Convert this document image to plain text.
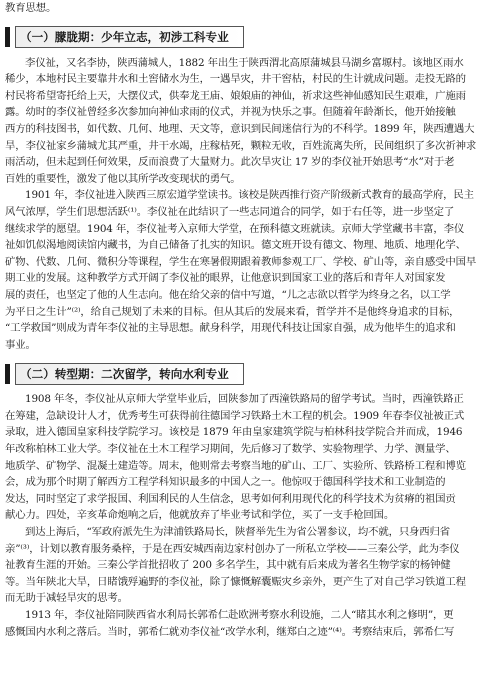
教育思想。
（一）朦胧期：少年立志，初涉工科专业
李仪祉，又名李协，陕西蒲城人，1882 年出生于陕西渭北高原蒲城县马湖乡富塬村。该地区雨水
稀少，本地村民主要靠井水和土窖储水为生，一遇旱灾，井干窖枯，村民的生计就成问题。走投无路的
村民将希望寄托给上天，大摆仪式，供奉龙王庙、娘娘庙的神仙，祈求这些神仙感知民生艰难，广施雨
露。幼时的李仪祉曾经多次参加向神仙求雨的仪式，并视为快乐之事。但随着年龄渐长，他开始接触
西方的科技图书，如代数、几何、地理、天文等，意识到民间迷信行为的不科学。1899 年，陕西遭遇大
旱，李仪祉家乡蒲城尤其严重，井干水竭，庄稼枯死，颗粒无收，百姓流离失所，民间组织了多次祈神求
雨活动，但未起到任何效果，反而浪费了大量财力。此次旱灾让 17 岁的李仪祉开始思考“水”对于老
百姓的重要性，激发了他以其所学改变现状的勇气。
1901 年，李仪祉进入陕西三原宏道学堂读书。该校是陕西推行资产阶级新式教育的最高学府，民主
风气浓厚，学生们思想活跃⁽¹⁾。李仪祉在此结识了一些志同道合的同学，如于右任等，进一步坚定了
继续求学的愿望。1904 年，李仪祉考入京师大学堂，在预科德文班就读。京师大学堂藏书丰富，李仪
祉如饥似渴地阅读馆内藏书，为自己储备了扎实的知识。德文班开设有德文、物理、地质、地理化学、
矿物、代数、几何、微积分等课程，学生在寒暑假期跟着教师参观工厂、学校、矿山等，亲自感受中国早
期工业的发展。这种教学方式开阔了李仪祉的眼界，让他意识到国家工业的落后和青年人对国家发
展的责任，也坚定了他的人生志向。他在给父亲的信中写道，“儿之志欲以哲学为终身之名，以工学
为平日之生计”⁽²⁾，给自己规划了未来的目标。但从其后的发展来看，哲学并不是他终身追求的目标，
“工学救国”则成为青年李仪祉的主导思想。献身科学，用现代科技让国家自强，成为他毕生的追求和
事业。
（二）转型期：二次留学，转向水利专业
1908 年冬，李仪祉从京师大学堂毕业后，回陕参加了西潼铁路局的留学考试。当时，西潼铁路正
在筹建，急缺设计人才，优秀考生可获得前往德国学习铁路土木工程的机会。1909 年春李仪祉被正式
录取，进入德国皇家科技学院学习。该校是 1879 年由皇家建筑学院与柏林科技学院合并而成，1946
年改称柏林工业大学。李仪祉在土木工程学习期间，先后修习了数学、实验物理学、力学、测量学、
地质学、矿物学、混凝土建造等。周末，他则常去考察当地的矿山、工厂、实验所、铁路桥工程和博览
会，成为那个时期了解西方工程学科知识最多的中国人之一。他惊叹于德国科学技术和工业制造的
发达，同时坚定了求学报国、利国利民的人生信念，思考如何利用现代化的科学技术为贫瘠的祖国贡
献心力。四处，辛亥革命炮响之后，他就放弃了毕业考试和学位，买了一支手枪回国。
到达上海后，“军政府派先生为津浦铁路局长，陕督举先生为省公署参议，均不就，只身西归省
亲”⁽³⁾，计划以教育服务桑梓，于是在西安城西南边家村创办了一所私立学校——三秦公学，此为李仪
祉教育生涯的开始。三秦公学首批招收了 200 多名学生，其中就有后来成为著名生物学家的杨钟健
等。当年陕北大旱，日睹饿殍遍野的李仪祉，除了慷慨解囊赈灾乡亲外，更产生了对自己学习铁道工程
而无助于减轻旱灾的思考。
1913 年，李仪祉陪同陕西省水利局长郭希仁赴欧洲考察水利设施，二人“睹其水利之修明”，更
感慨国内水利之落后。当时，郭希仁就劝李仪祉“改学水利，继郑白之迹”⁽⁴⁾。考察结束后，郭希仁写
